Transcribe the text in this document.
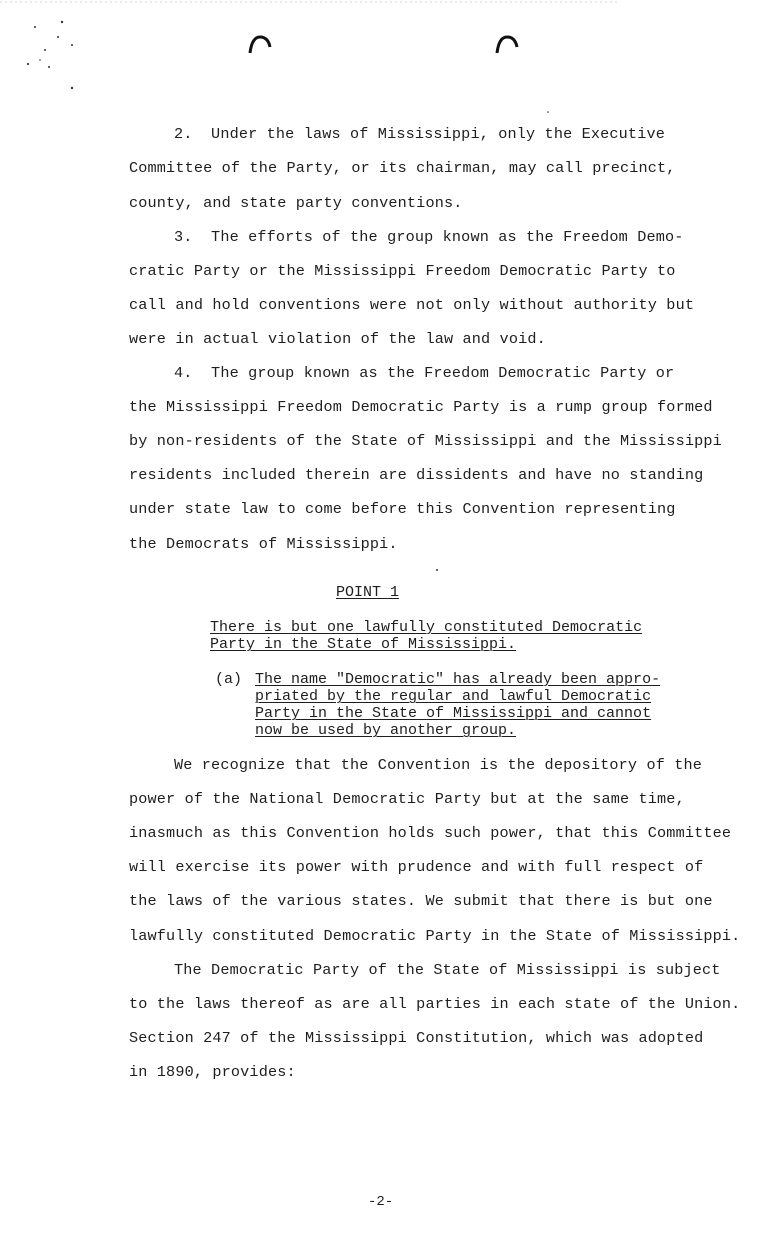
2.  Under the laws of Mississippi, only the Executive
Committee of the Party, or its chairman, may call precinct,
county, and state party conventions.
3.  The efforts of the group known as the Freedom Demo-
cratic Party or the Mississippi Freedom Democratic Party to
call and hold conventions were not only without authority but
were in actual violation of the law and void.
4.  The group known as the Freedom Democratic Party or
the Mississippi Freedom Democratic Party is a rump group formed
by non-residents of the State of Mississippi and the Mississippi
residents included therein are dissidents and have no standing
under state law to come before this Convention representing
the Democrats of Mississippi.
POINT 1
There is but one lawfully constituted Democratic
Party in the State of Mississippi.
(a) The name "Democratic" has already been appro-
priated by the regular and lawful Democratic
Party in the State of Mississippi and cannot
now be used by another group.
We recognize that the Convention is the depository of the
power of the National Democratic Party but at the same time,
inasmuch as this Convention holds such power, that this Committee
will exercise its power with prudence and with full respect of
the laws of the various states. We submit that there is but one
lawfully constituted Democratic Party in the State of Mississippi.
The Democratic Party of the State of Mississippi is subject
to the laws thereof as are all parties in each state of the Union.
Section 247 of the Mississippi Constitution, which was adopted
in 1890, provides:
-2-
